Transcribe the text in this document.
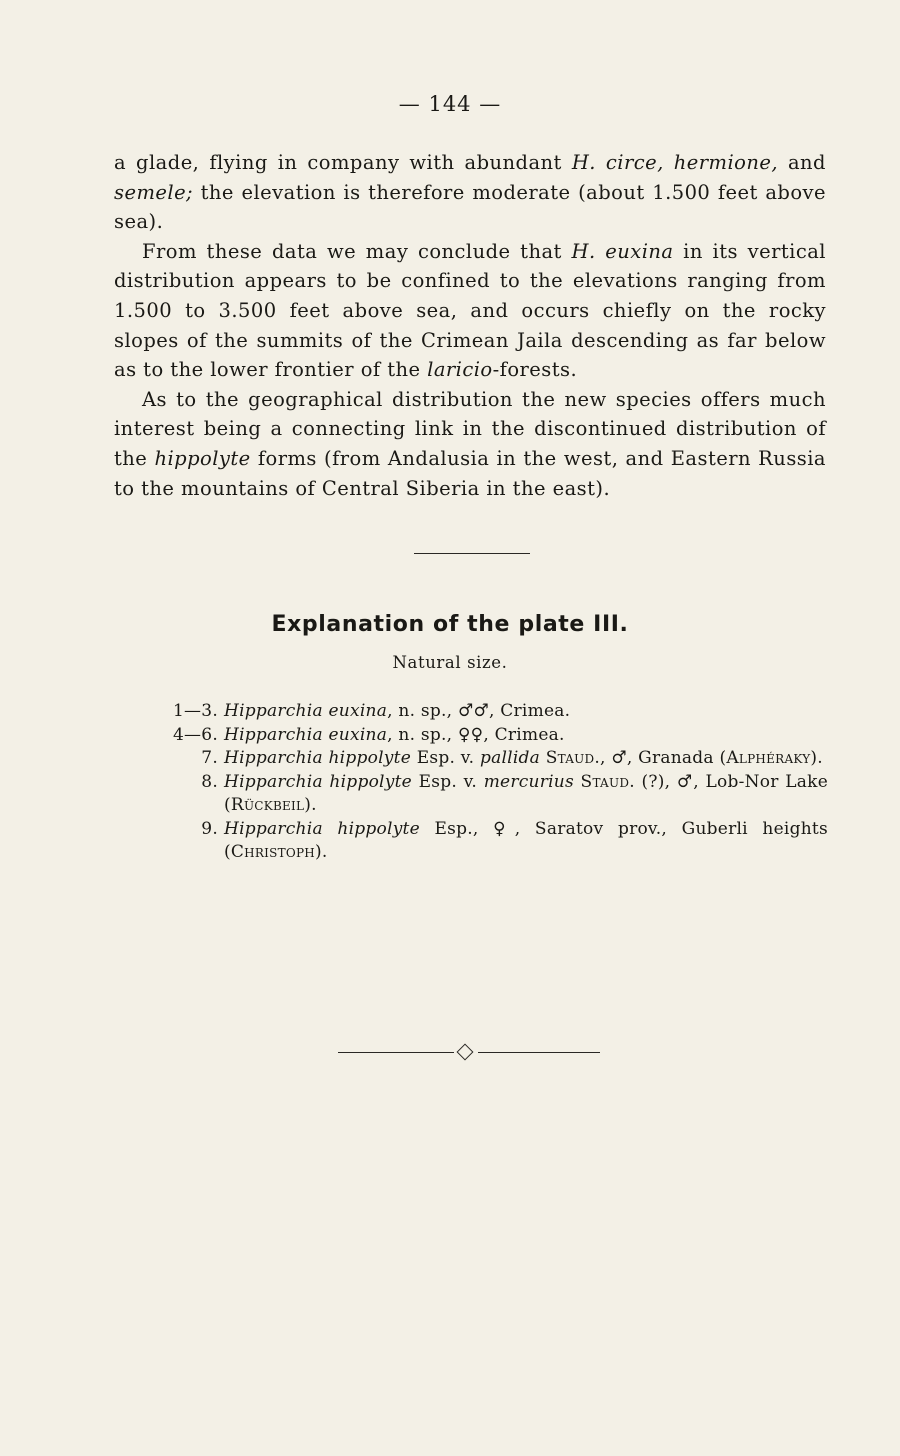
— 144 —

a glade, flying in company with abundant H. circe, hermione, and semele; the elevation is therefore moderate (about 1.500 feet above sea).

From these data we may conclude that H. euxina in its vertical distribution appears to be confined to the elevations ranging from 1.500 to 3.500 feet above sea, and occurs chiefly on the rocky slopes of the summits of the Crimean Jaila descending as far below as to the lower frontier of the laricio-forests.

As to the geographical distribution the new species offers much interest being a connecting link in the discontinued distribution of the hippolyte forms (from Andalusia in the west, and Eastern Russia to the mountains of Central Siberia in the east).

Explanation of the plate III.
Natural size.
1—3. Hipparchia euxina, n. sp., ♂♂, Crimea.
4—6. Hipparchia euxina, n. sp., ♀♀, Crimea.
7. Hipparchia hippolyte Esp. v. pallida Staud., ♂, Granada (Alphéraky).
8. Hipparchia hippolyte Esp. v. mercurius Staud. (?), ♂, Lob-Nor Lake (Rückbeil).
9. Hipparchia hippolyte Esp., ♀, Saratov prov., Guberli heights (Christoph).
